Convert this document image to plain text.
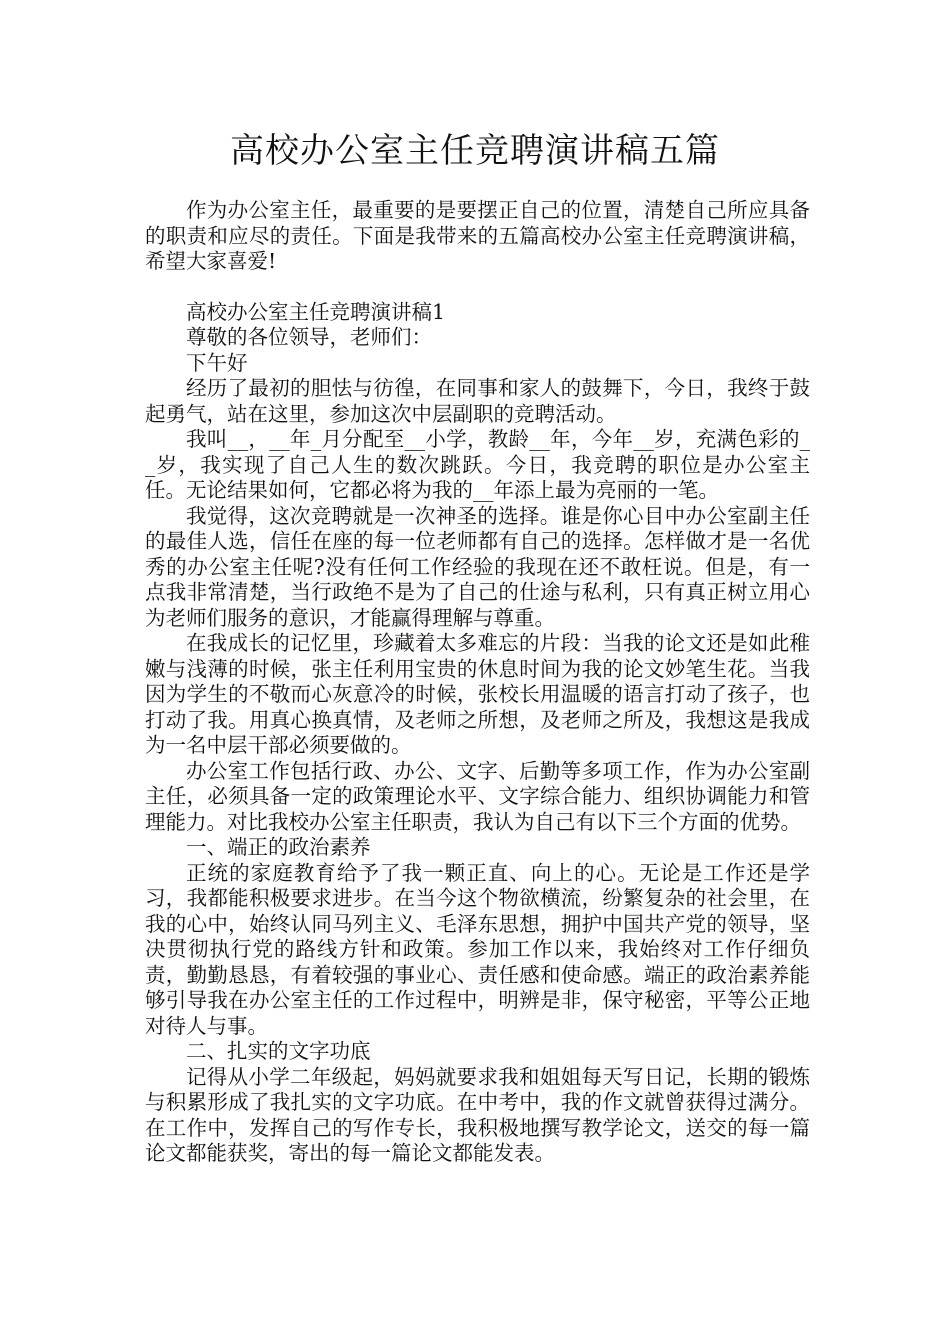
高校办公室主任竞聘演讲稿五篇

作为办公室主任，最重要的是要摆正自己的位置，清楚自己所应具备的职责和应尽的责任。下面是我带来的五篇高校办公室主任竞聘演讲稿，希望大家喜爱!

高校办公室主任竞聘演讲稿1

尊敬的各位领导，老师们：

下午好

经历了最初的胆怯与彷徨，在同事和家人的鼓舞下，今日，我终于鼓起勇气，站在这里，参加这次中层副职的竞聘活动。

我叫__，__年_月分配至__小学，教龄__年，今年__岁，充满色彩的__岁，我实现了自己人生的数次跳跃。今日，我竞聘的职位是办公室主任。无论结果如何，它都必将为我的__年添上最为亮丽的一笔。

我觉得，这次竞聘就是一次神圣的选择。谁是你心目中办公室副主任的最佳人选，信任在座的每一位老师都有自己的选择。怎样做才是一名优秀的办公室主任呢?没有任何工作经验的我现在还不敢枉说。但是，有一点我非常清楚，当行政绝不是为了自己的仕途与私利，只有真正树立用心为老师们服务的意识，才能赢得理解与尊重。

在我成长的记忆里，珍藏着太多难忘的片段：当我的论文还是如此稚嫩与浅薄的时候，张主任利用宝贵的休息时间为我的论文妙笔生花。当我因为学生的不敬而心灰意冷的时候，张校长用温暖的语言打动了孩子，也打动了我。用真心换真情，及老师之所想，及老师之所及，我想这是我成为一名中层干部必须要做的。

办公室工作包括行政、办公、文字、后勤等多项工作，作为办公室副主任，必须具备一定的政策理论水平、文字综合能力、组织协调能力和管理能力。对比我校办公室主任职责，我认为自己有以下三个方面的优势。

一、端正的政治素养

正统的家庭教育给予了我一颗正直、向上的心。无论是工作还是学习，我都能积极要求进步。在当今这个物欲横流，纷繁复杂的社会里，在我的心中，始终认同马列主义、毛泽东思想，拥护中国共产党的领导，坚决贯彻执行党的路线方针和政策。参加工作以来，我始终对工作仔细负责，勤勤恳恳，有着较强的事业心、责任感和使命感。端正的政治素养能够引导我在办公室主任的工作过程中，明辨是非，保守秘密，平等公正地对待人与事。

二、扎实的文字功底

记得从小学二年级起，妈妈就要求我和姐姐每天写日记，长期的锻炼与积累形成了我扎实的文字功底。在中考中，我的作文就曾获得过满分。在工作中，发挥自己的写作专长，我积极地撰写教学论文，送交的每一篇论文都能获奖，寄出的每一篇论文都能发表。
